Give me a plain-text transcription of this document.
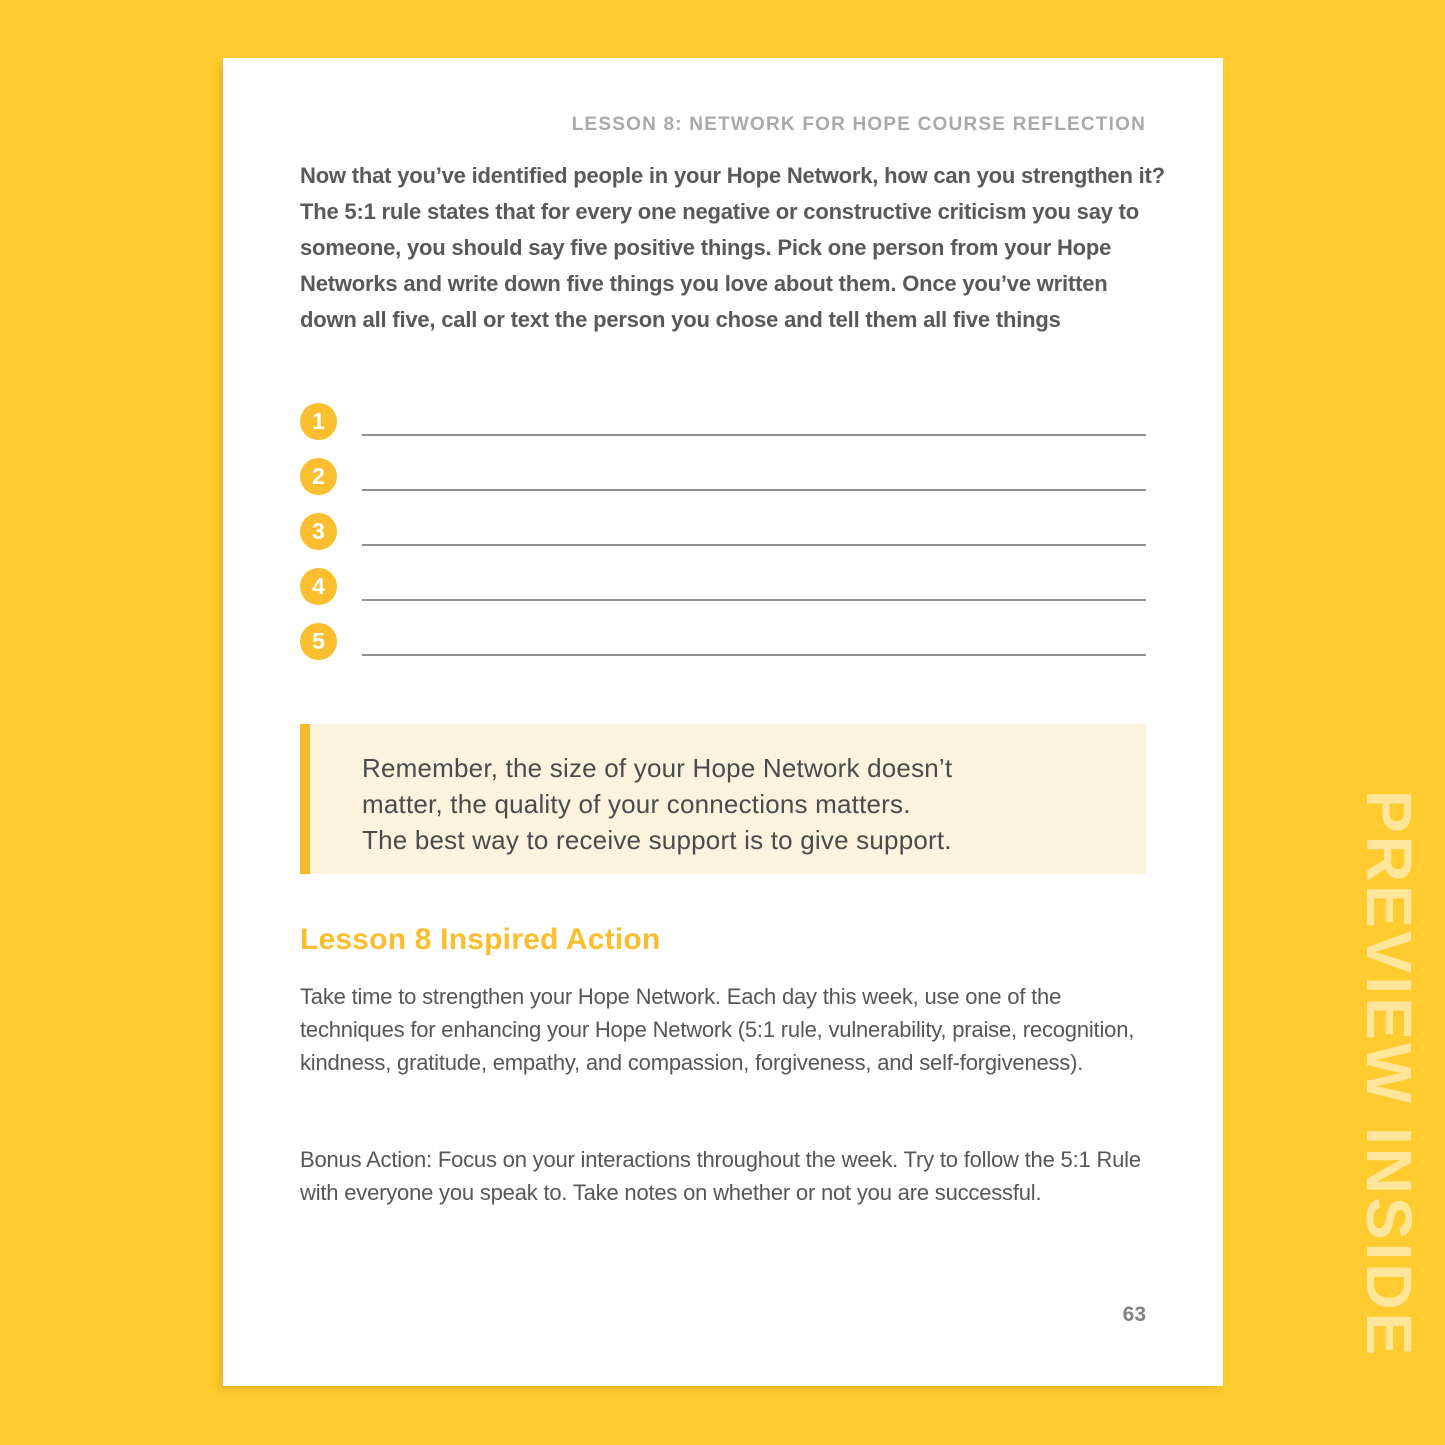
LESSON 8: NETWORK FOR HOPE COURSE REFLECTION
Now that you’ve identified people in your Hope Network, how can you strengthen it? The 5:1 rule states that for every one negative or constructive criticism you say to someone, you should say five positive things. Pick one person from your Hope Networks and write down five things you love about them. Once you’ve written down all five, call or text the person you chose and tell them all five things
1
2
3
4
5
Remember, the size of your Hope Network doesn’t
matter, the quality of your connections matters.
The best way to receive support is to give support.
Lesson 8 Inspired Action
Take time to strengthen your Hope Network. Each day this week, use one of the techniques for enhancing your Hope Network (5:1 rule, vulnerability, praise, recognition, kindness, gratitude, empathy, and compassion, forgiveness, and self-forgiveness).
Bonus Action: Focus on your interactions throughout the week. Try to follow the 5:1 Rule with everyone you speak to. Take notes on whether or not you are successful.
63	PREVIEW INSIDE
